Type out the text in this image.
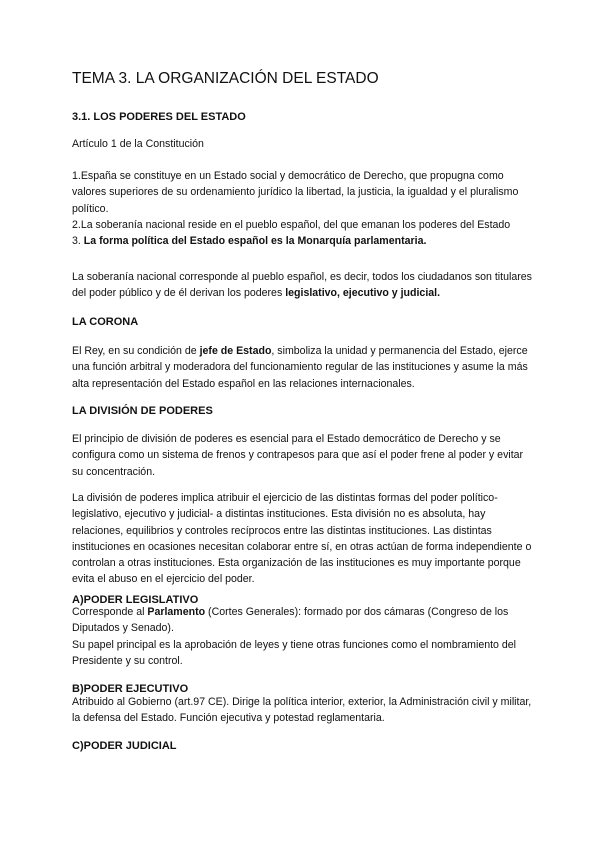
TEMA 3. LA ORGANIZACIÓN DEL ESTADO
3.1. LOS PODERES DEL ESTADO

Artículo 1 de la Constitución

1.España se constituye en un Estado social y democrático de Derecho, que propugna como valores superiores de su ordenamiento jurídico la libertad, la justicia, la igualdad y el pluralismo político.
2.La soberanía nacional reside en el pueblo español, del que emanan los poderes del Estado
3. La forma política del Estado español es la Monarquía parlamentaria.

La soberanía nacional corresponde al pueblo español, es decir, todos los ciudadanos son titulares del poder público y de él derivan los poderes legislativo, ejecutivo y judicial.

LA CORONA

El Rey, en su condición de jefe de Estado, simboliza la unidad y permanencia del Estado, ejerce una función arbitral y moderadora del funcionamiento regular de las instituciones y asume la más alta representación del Estado español en las relaciones internacionales.

LA DIVISIÓN DE PODERES

El principio de división de poderes es esencial para el Estado democrático de Derecho y se configura como un sistema de frenos y contrapesos para que así el poder frene al poder y evitar su concentración.

La división de poderes implica atribuir el ejercicio de las distintas formas del poder político-legislativo, ejecutivo y judicial- a distintas instituciones. Esta división no es absoluta, hay relaciones, equilibrios y controles recíprocos entre las distintas instituciones. Las distintas instituciones en ocasiones necesitan colaborar entre sí, en otras actúan de forma independiente o controlan a otras instituciones. Esta organización de las instituciones es muy importante porque evita el abuso en el ejercicio del poder.

A)PODER LEGISLATIVO
Corresponde al Parlamento (Cortes Generales): formado por dos cámaras (Congreso de los Diputados y Senado).
Su papel principal es la aprobación de leyes y tiene otras funciones como el nombramiento del Presidente y su control.
B)PODER EJECUTIVO

Atribuido al Gobierno (art.97 CE). Dirige la política interior, exterior, la Administración civil y militar, la defensa del Estado. Función ejecutiva y potestad reglamentaria.

C)PODER JUDICIAL
